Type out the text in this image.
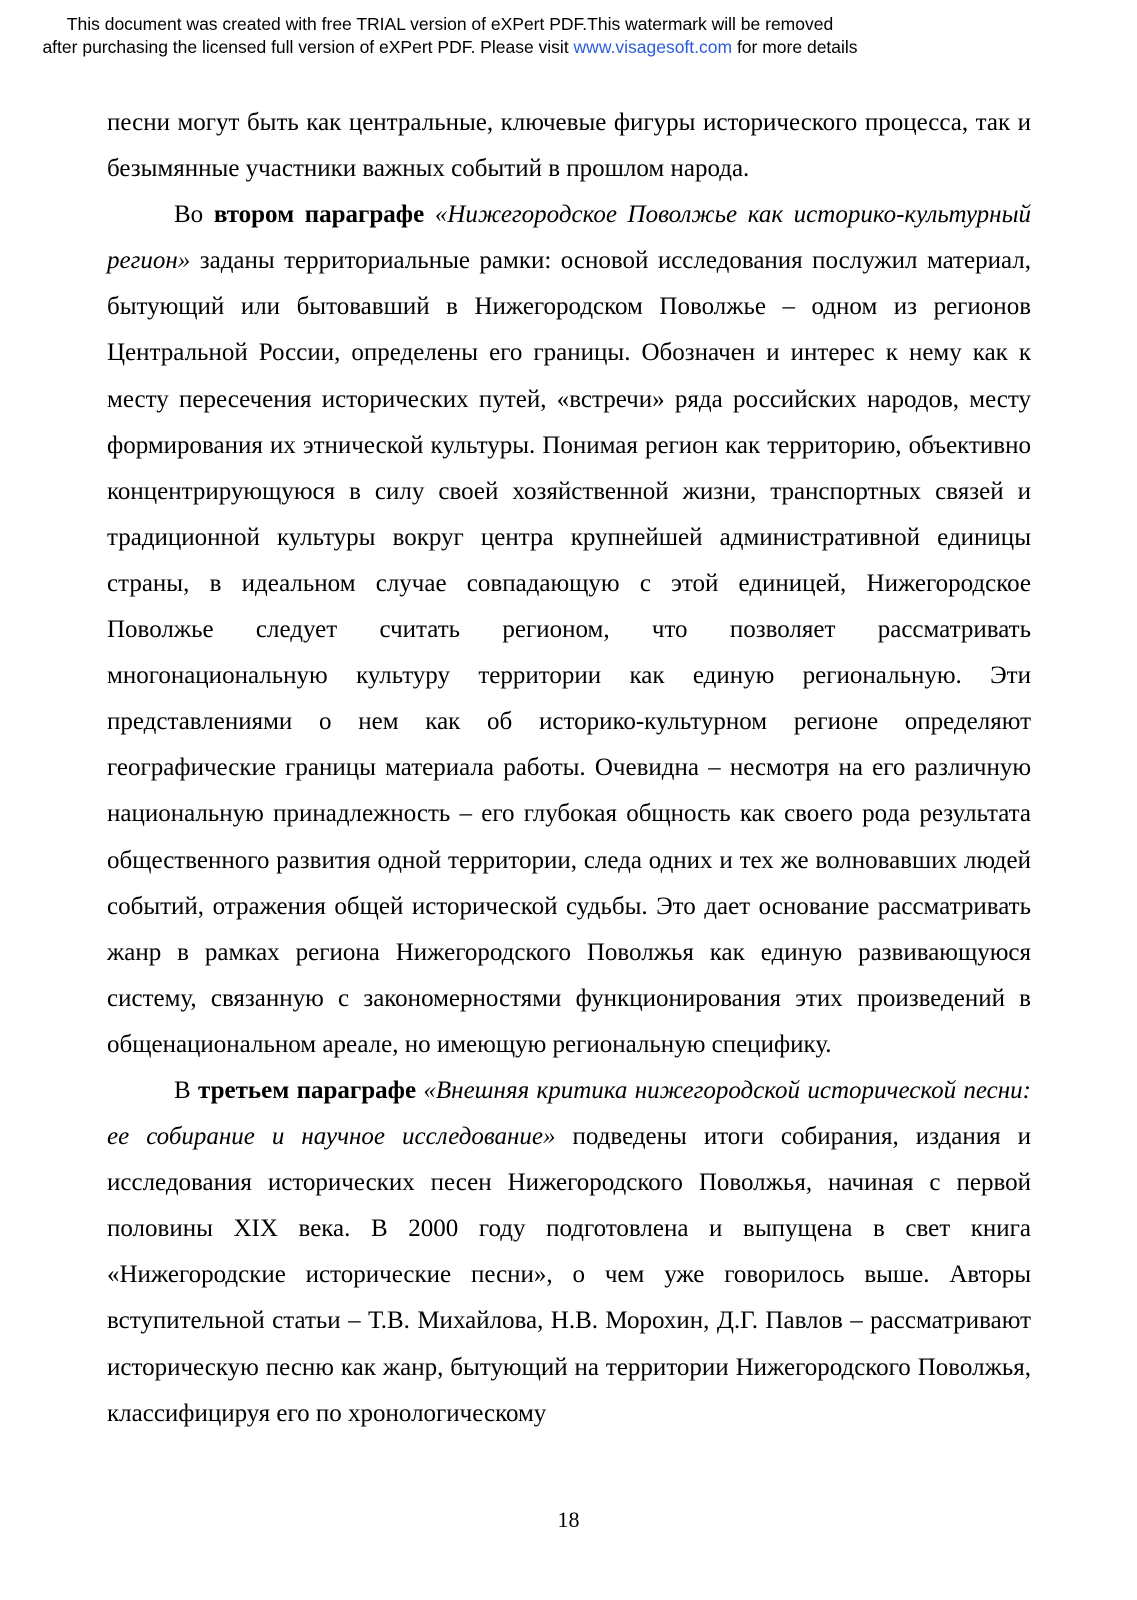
This document was created with free TRIAL version of eXPert PDF.This watermark will be removed
after purchasing the licensed full version of eXPert PDF. Please visit www.visagesoft.com for more details

песни могут быть как центральные, ключевые фигуры исторического процесса, так и безымянные участники важных событий в прошлом народа.

Во втором параграфе «Нижегородское Поволжье как историко-культурный регион» заданы территориальные рамки: основой исследования послужил материал, бытующий или бытовавший в Нижегородском Поволжье – одном из регионов Центральной России, определены его границы. Обозначен и интерес к нему как к месту пересечения исторических путей, «встречи» ряда российских народов, месту формирования их этнической культуры. Понимая регион как территорию, объективно концентрирующуюся в силу своей хозяйственной жизни, транспортных связей и традиционной культуры вокруг центра крупнейшей административной единицы страны, в идеальном случае совпадающую с этой единицей, Нижегородское Поволжье следует считать регионом, что позволяет рассматривать многонациональную культуру территории как единую региональную. Эти представлениями о нем как об историко-культурном регионе определяют географические границы материала работы. Очевидна – несмотря на его различную национальную принадлежность – его глубокая общность как своего рода результата общественного развития одной территории, следа одних и тех же волновавших людей событий, отражения общей исторической судьбы. Это дает основание рассматривать жанр в рамках региона Нижегородского Поволжья как единую развивающуюся систему, связанную с закономерностями функционирования этих произведений в общенациональном ареале, но имеющую региональную специфику.

В третьем параграфе «Внешняя критика нижегородской исторической песни: ее собирание и научное исследование» подведены итоги собирания, издания и исследования исторических песен Нижегородского Поволжья, начиная с первой половины XIX века. В 2000 году подготовлена и выпущена в свет книга «Нижегородские исторические песни», о чем уже говорилось выше. Авторы вступительной статьи – Т.В. Михайлова, Н.В. Морохин, Д.Г. Павлов – рассматривают историческую песню как жанр, бытующий на территории Нижегородского Поволжья, классифицируя его по хронологическому

18
